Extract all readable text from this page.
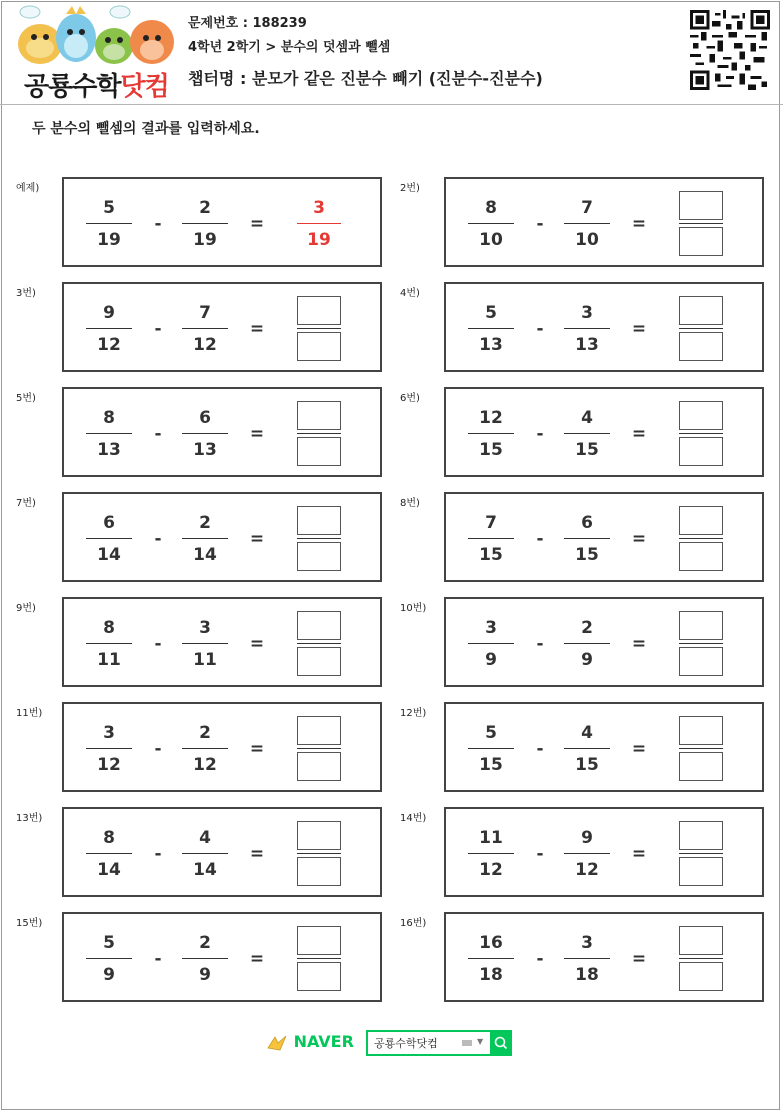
공룡수학닷컴
문제번호 : 188239
4학년 2학기 > 분수의 덧셈과 뺄셈
챕터명 : 분모가 같은 진분수 빼기 (진분수-진분수)
두 분수의 뺄셈의 결과를 입력하세요.
예제)
5
19
-
2
19
=
3
19
2번)
8
10
-
7
10
=
3번)
9
12
-
7
12
=
4번)
5
13
-
3
13
=
5번)
8
13
-
6
13
=
6번)
12
15
-
4
15
=
7번)
6
14
-
2
14
=
8번)
7
15
-
6
15
=
9번)
8
11
-
3
11
=
10번)
3
9
-
2
9
=
11번)
3
12
-
2
12
=
12번)
5
15
-
4
15
=
13번)
8
14
-
4
14
=
14번)
11
12
-
9
12
=
15번)
5
9
-
2
9
=
16번)
16
18
-
3
18
=
NAVER	공룡수학닷컴	▼
